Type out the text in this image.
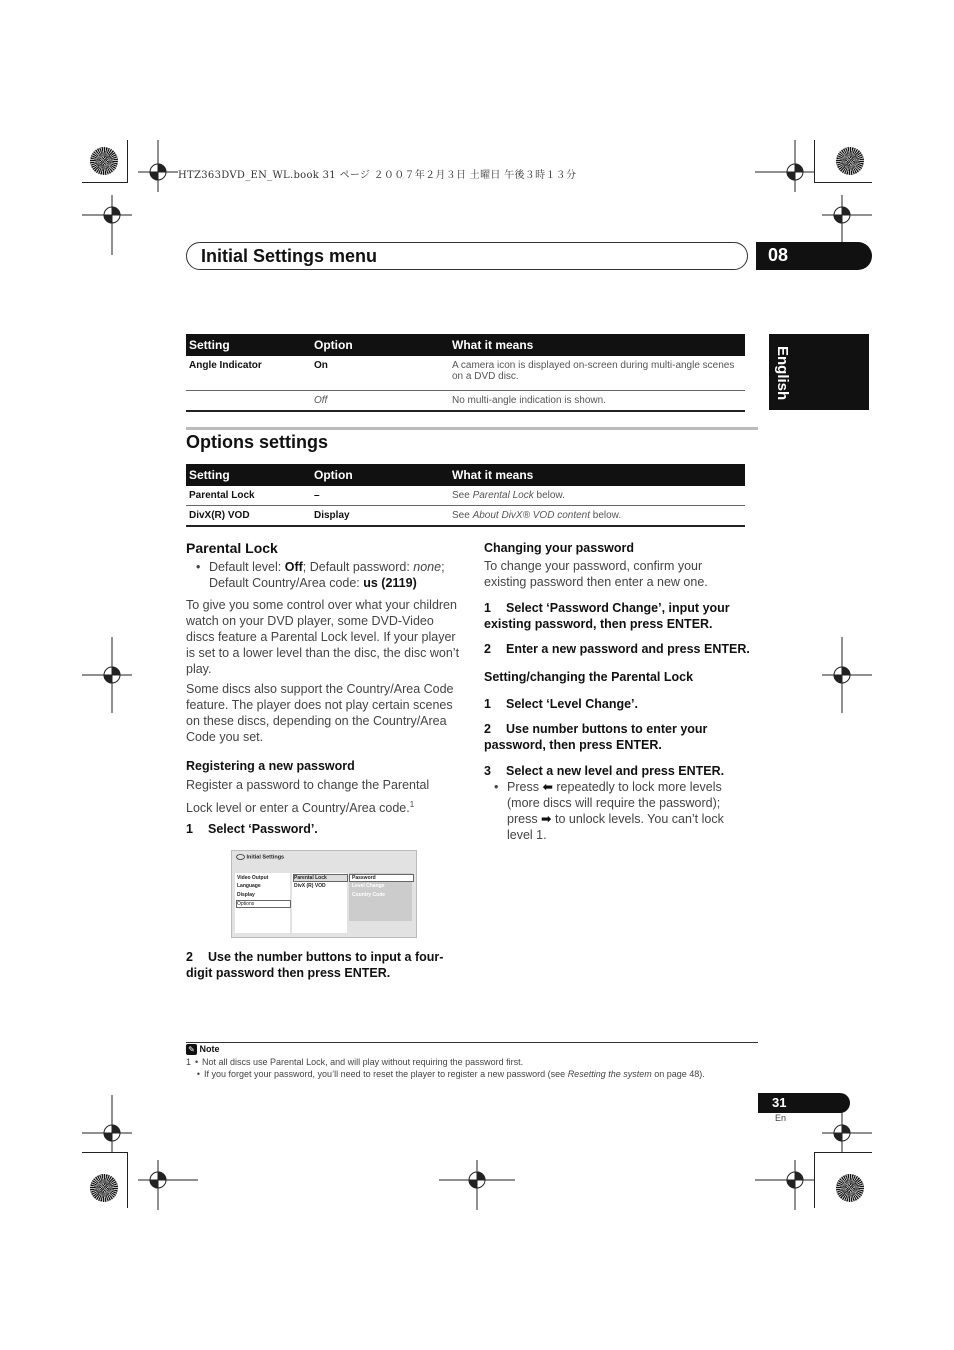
HTZ363DVD_EN_WL.book 31 ページ ２００７年２月３日 土曜日 午後３時１３分
Initial Settings menu	08
English
Setting	Option	What it means
Angle Indicator	On	A camera icon is displayed on-screen during multi-angle scenes on a DVD disc.
	Off	No multi-angle indication is shown.
Options settings
Setting	Option	What it means
Parental Lock	–	See Parental Lock below.
DivX(R) VOD	Display	See About DivX® VOD content below.
Parental Lock
• Default level: Off; Default password: none;
Default Country/Area code: us (2119)
To give you some control over what your children watch on your DVD player, some DVD-Video discs feature a Parental Lock level. If your player is set to a lower level than the disc, the disc won’t play.
Some discs also support the Country/Area Code feature. The player does not play certain scenes on these discs, depending on the Country/Area Code you set.
Registering a new password
Register a password to change the Parental Lock level or enter a Country/Area code.$^1$
1 Select ‘Password’.
Initial Settings
Video Output
Language
Display
Options
Parental Lock
DivX (R) VOD
Password
Level Change
Country Code
2 Use the number buttons to input a four-digit password then press ENTER.
Changing your password
To change your password, confirm your existing password then enter a new one.
1 Select ‘Password Change’, input your existing password, then press ENTER.
2 Enter a new password and press ENTER.
Setting/changing the Parental Lock
1 Select ‘Level Change’.
2 Use number buttons to enter your password, then press ENTER.
3 Select a new level and press ENTER.
• Press ⬅ repeatedly to lock more levels (more discs will require the password); press ➡ to unlock levels. You can’t lock level 1.
✎ Note
1 • Not all discs use Parental Lock, and will play without requiring the password first.
• If you forget your password, you’ll need to reset the player to register a new password (see Resetting the system on page 48).
31
En
